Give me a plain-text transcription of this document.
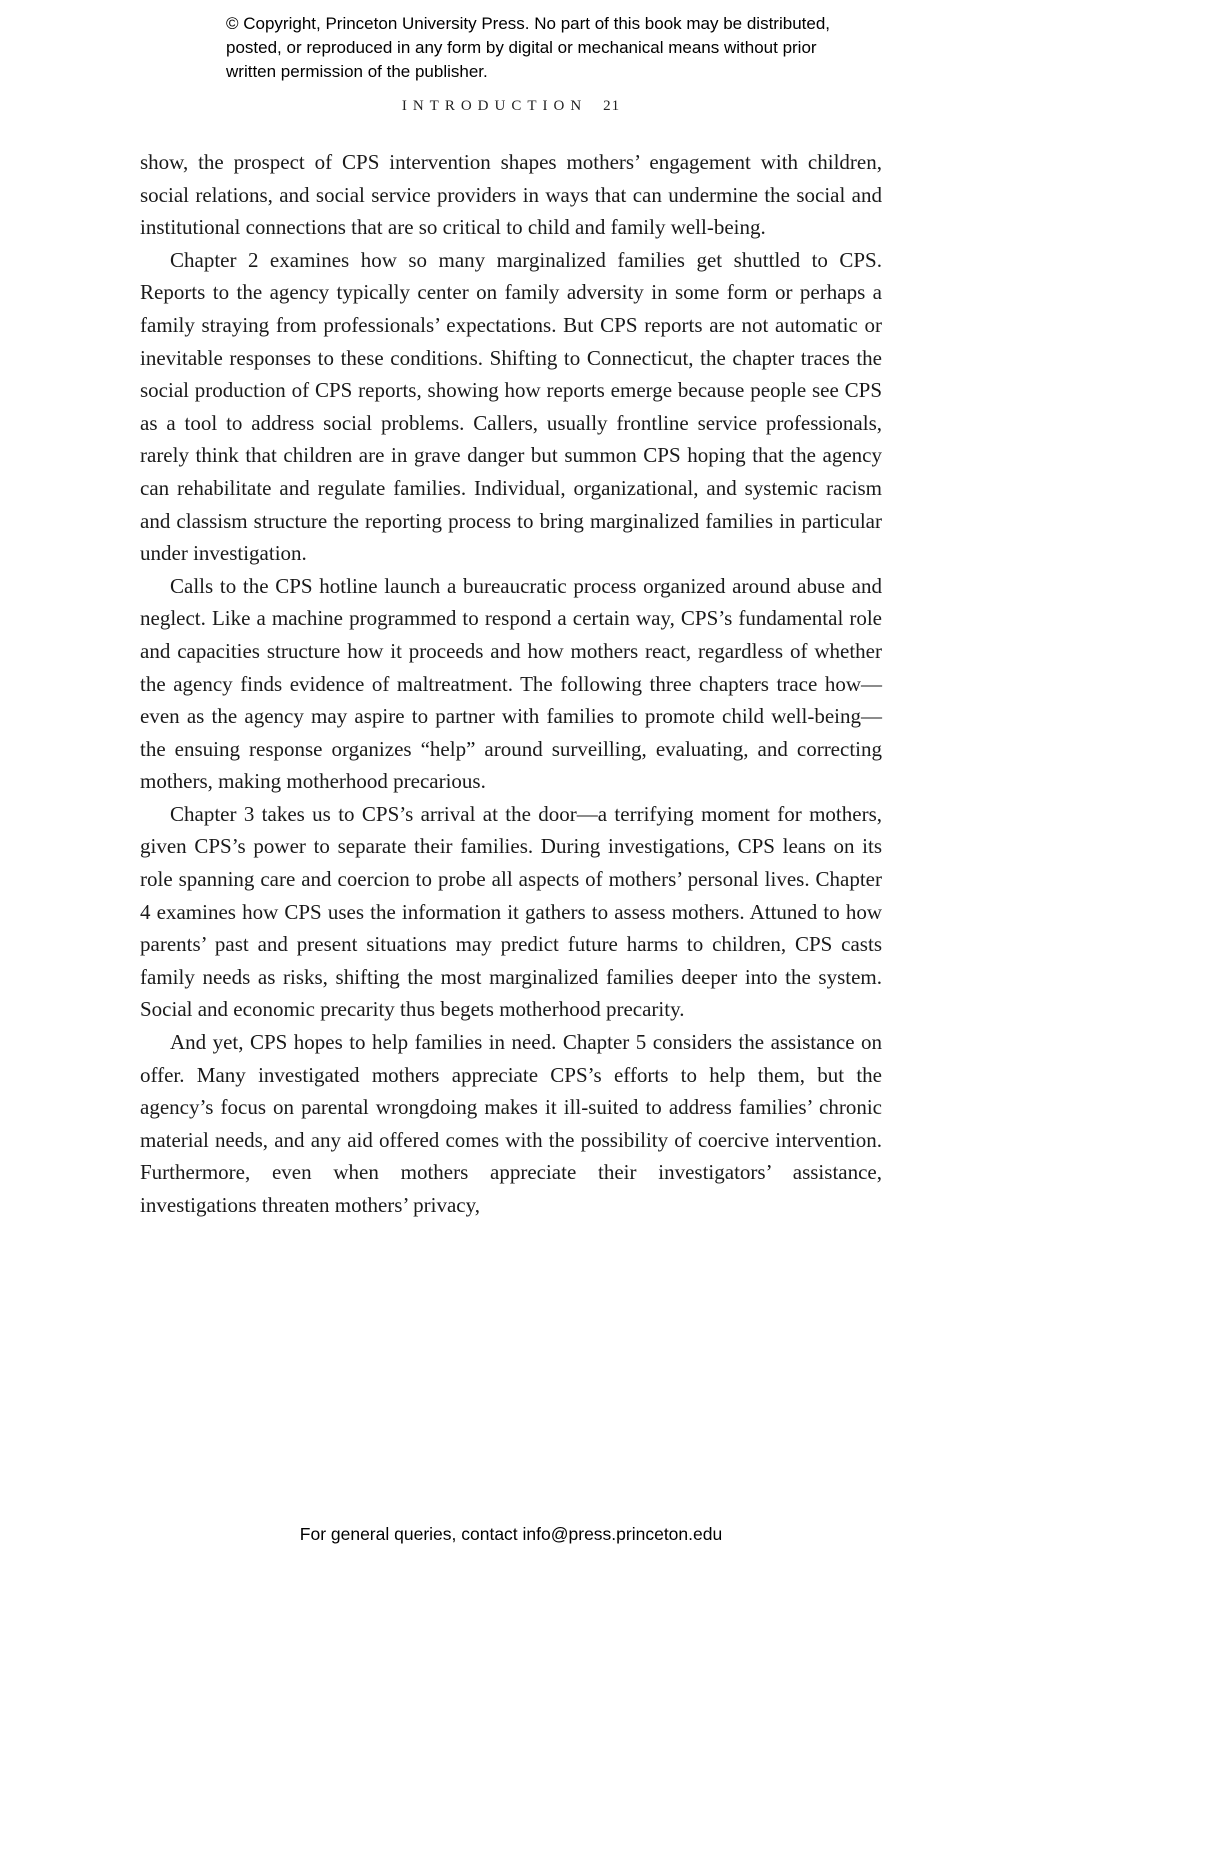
© Copyright, Princeton University Press. No part of this book may be distributed, posted, or reproduced in any form by digital or mechanical means without prior written permission of the publisher.
INTRODUCTION 21

show, the prospect of CPS intervention shapes mothers’ engagement with children, social relations, and social service providers in ways that can undermine the social and institutional connections that are so critical to child and family well-being.

Chapter 2 examines how so many marginalized families get shuttled to CPS. Reports to the agency typically center on family adversity in some form or perhaps a family straying from professionals’ expectations. But CPS reports are not automatic or inevitable responses to these conditions. Shifting to Connecticut, the chapter traces the social production of CPS reports, showing how reports emerge because people see CPS as a tool to address social problems. Callers, usually frontline service professionals, rarely think that children are in grave danger but summon CPS hoping that the agency can rehabilitate and regulate families. Individual, organizational, and systemic racism and classism structure the reporting process to bring marginalized families in particular under investigation.

Calls to the CPS hotline launch a bureaucratic process organized around abuse and neglect. Like a machine programmed to respond a certain way, CPS’s fundamental role and capacities structure how it proceeds and how mothers react, regardless of whether the agency finds evidence of maltreatment. The following three chapters trace how—even as the agency may aspire to partner with families to promote child well-being—the ensuing response organizes “help” around surveilling, evaluating, and correcting mothers, making motherhood precarious.

Chapter 3 takes us to CPS’s arrival at the door—a terrifying moment for mothers, given CPS’s power to separate their families. During investigations, CPS leans on its role spanning care and coercion to probe all aspects of mothers’ personal lives. Chapter 4 examines how CPS uses the information it gathers to assess mothers. Attuned to how parents’ past and present situations may predict future harms to children, CPS casts family needs as risks, shifting the most marginalized families deeper into the system. Social and economic precarity thus begets motherhood precarity.

And yet, CPS hopes to help families in need. Chapter 5 considers the assistance on offer. Many investigated mothers appreciate CPS’s efforts to help them, but the agency’s focus on parental wrongdoing makes it ill-suited to address families’ chronic material needs, and any aid offered comes with the possibility of coercive intervention. Furthermore, even when mothers appreciate their investigators’ assistance, investigations threaten mothers’ privacy,

For general queries, contact info@press.princeton.edu
